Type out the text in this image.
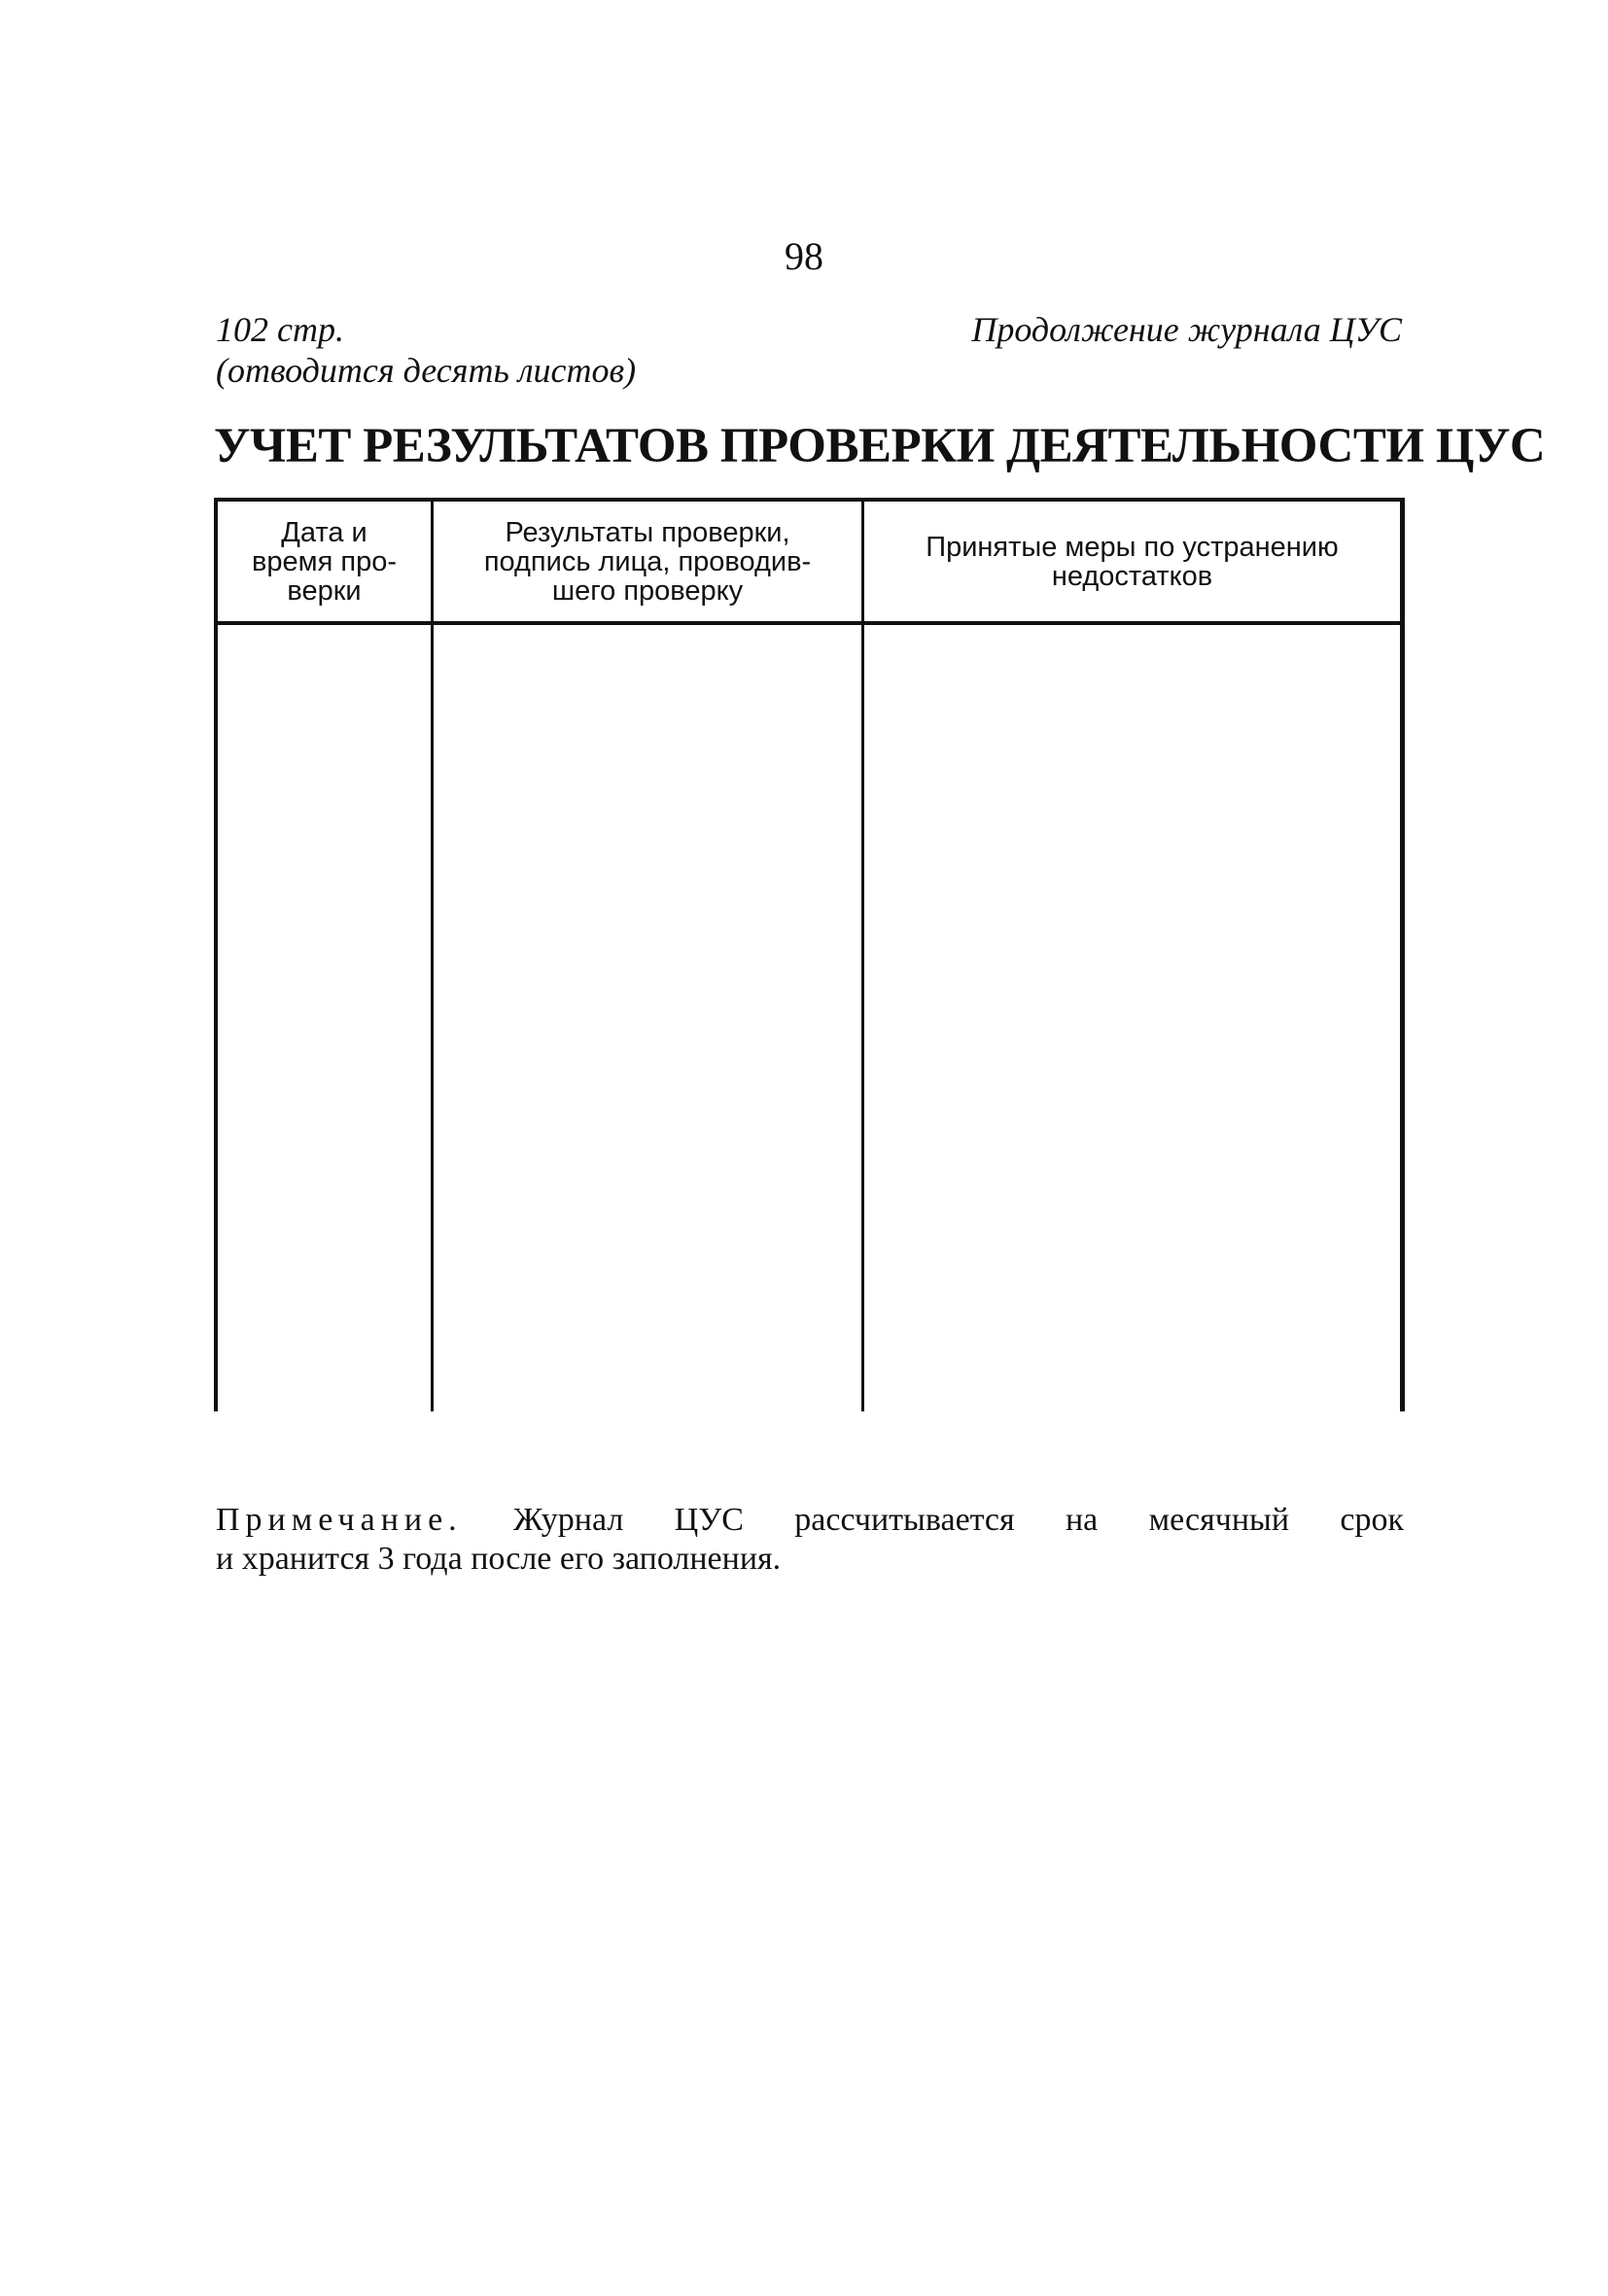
98
102 стр.
(отводится десять листов)
Продолжение журнала ЦУС
УЧЕТ РЕЗУЛЬТАТОВ ПРОВЕРКИ ДЕЯТЕЛЬНОСТИ ЦУС
Дата и
время про-
верки
Результаты проверки,
подпись лица, проводив-
шего проверку
Принятые меры по устранению
недостатков
Примечание. Журнал ЦУС рассчитывается на месячный срок
и хранится 3 года после его заполнения.
